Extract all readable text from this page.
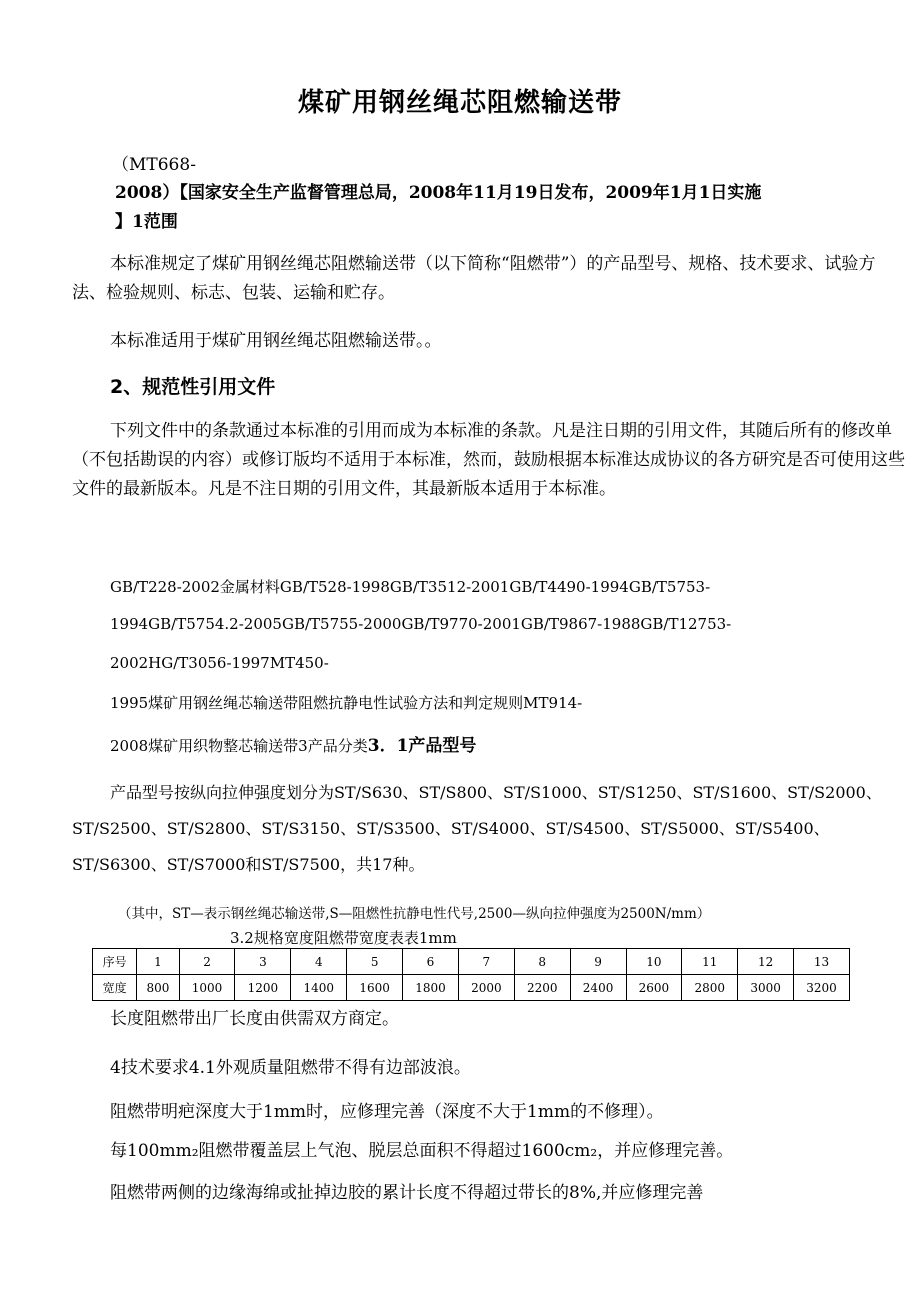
煤矿用钢丝绳芯阻燃输送带
（MT668-
2008）【国家安全生产监督管理总局，2008年11月19日发布，2009年1月1日实施
】1范围
本标准规定了煤矿用钢丝绳芯阻燃输送带（以下简称“阻燃带”）的产品型号、规格、技术要求、试验方法、检验规则、标志、包装、运输和贮存。
本标准适用于煤矿用钢丝绳芯阻燃输送带。。
2、规范性引用文件
下列文件中的条款通过本标准的引用而成为本标准的条款。凡是注日期的引用文件，其随后所有的修改单（不包括勘误的内容）或修订版均不适用于本标准，然而，鼓励根据本标准达成协议的各方研究是否可使用这些文件的最新版本。凡是不注日期的引用文件，其最新版本适用于本标准。
GB/T228-2002金属材料GB/T528-1998GB/T3512-2001GB/T4490-1994GB/T5753-
1994GB/T5754.2-2005GB/T5755-2000GB/T9770-2001GB/T9867-1988GB/T12753-
2002HG/T3056-1997MT450-
1995煤矿用钢丝绳芯输送带阻燃抗静电性试验方法和判定规则MT914-
2008煤矿用织物整芯输送带3产品分类3．1产品型号
产品型号按纵向拉伸强度划分为ST/S630、ST/S800、ST/S1000、ST/S1250、ST/S1600、ST/S2000、ST/S2500、ST/S2800、ST/S3150、ST/S3500、ST/S4000、ST/S4500、ST/S5000、ST/S5400、ST/S6300、ST/S7000和ST/S7500，共17种。
（其中，ST—表示钢丝绳芯输送带,S—阻燃性抗静电性代号,2500—纵向拉伸强度为2500N/mm）
3.2规格宽度阻燃带宽度表表1mm
序号	1	2	3	4	5	6	7	8	9	10	11	12	13
宽度	800	1000	1200	1400	1600	1800	2000	2200	2400	2600	2800	3000	3200
长度阻燃带出厂长度由供需双方商定。
4技术要求4.1外观质量阻燃带不得有边部波浪。
阻燃带明疤深度大于1mm时，应修理完善（深度不大于1mm的不修理）。
每100mm₂阻燃带覆盖层上气泡、脱层总面积不得超过1600cm₂，并应修理完善。
阻燃带两侧的边缘海绵或扯掉边胶的累计长度不得超过带长的8%,并应修理完善
